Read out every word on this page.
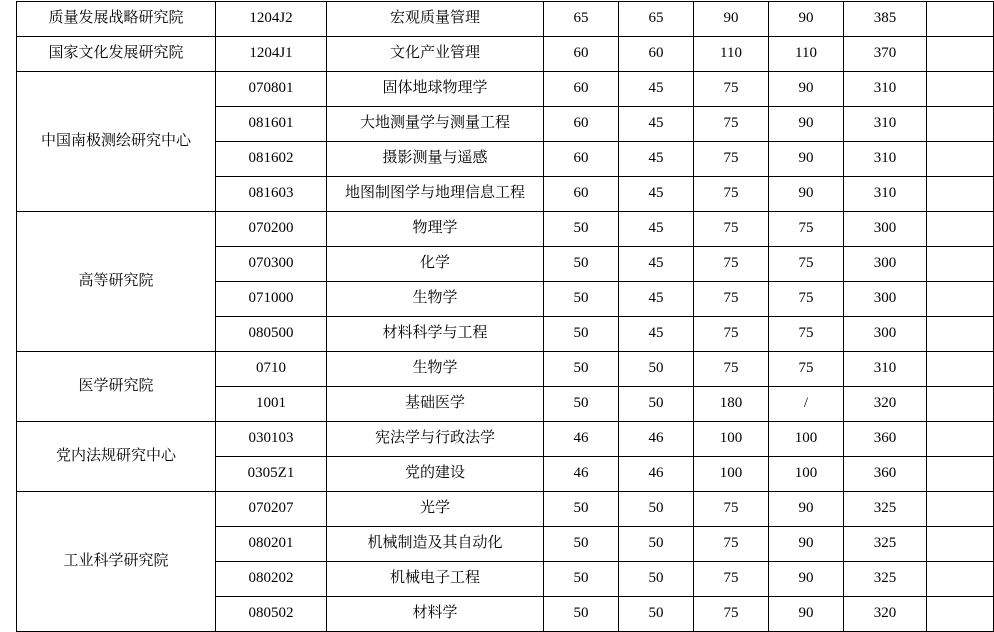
质量发展战略研究院	1204J2	宏观质量管理	65	65	90	90	385	
国家文化发展研究院	1204J1	文化产业管理	60	60	110	110	370	
中国南极测绘研究中心	070801	固体地球物理学	60	45	75	90	310	
	081601	大地测量学与测量工程	60	45	75	90	310	
	081602	摄影测量与遥感	60	45	75	90	310	
	081603	地图制图学与地理信息工程	60	45	75	90	310	
高等研究院	070200	物理学	50	45	75	75	300	
	070300	化学	50	45	75	75	300	
	071000	生物学	50	45	75	75	300	
	080500	材料科学与工程	50	45	75	75	300	
医学研究院	0710	生物学	50	50	75	75	310	
	1001	基础医学	50	50	180	/	320	
党内法规研究中心	030103	宪法学与行政法学	46	46	100	100	360	
	0305Z1	党的建设	46	46	100	100	360	
工业科学研究院	070207	光学	50	50	75	90	325	
	080201	机械制造及其自动化	50	50	75	90	325	
	080202	机械电子工程	50	50	75	90	325	
	080502	材料学	50	50	75	90	320	
